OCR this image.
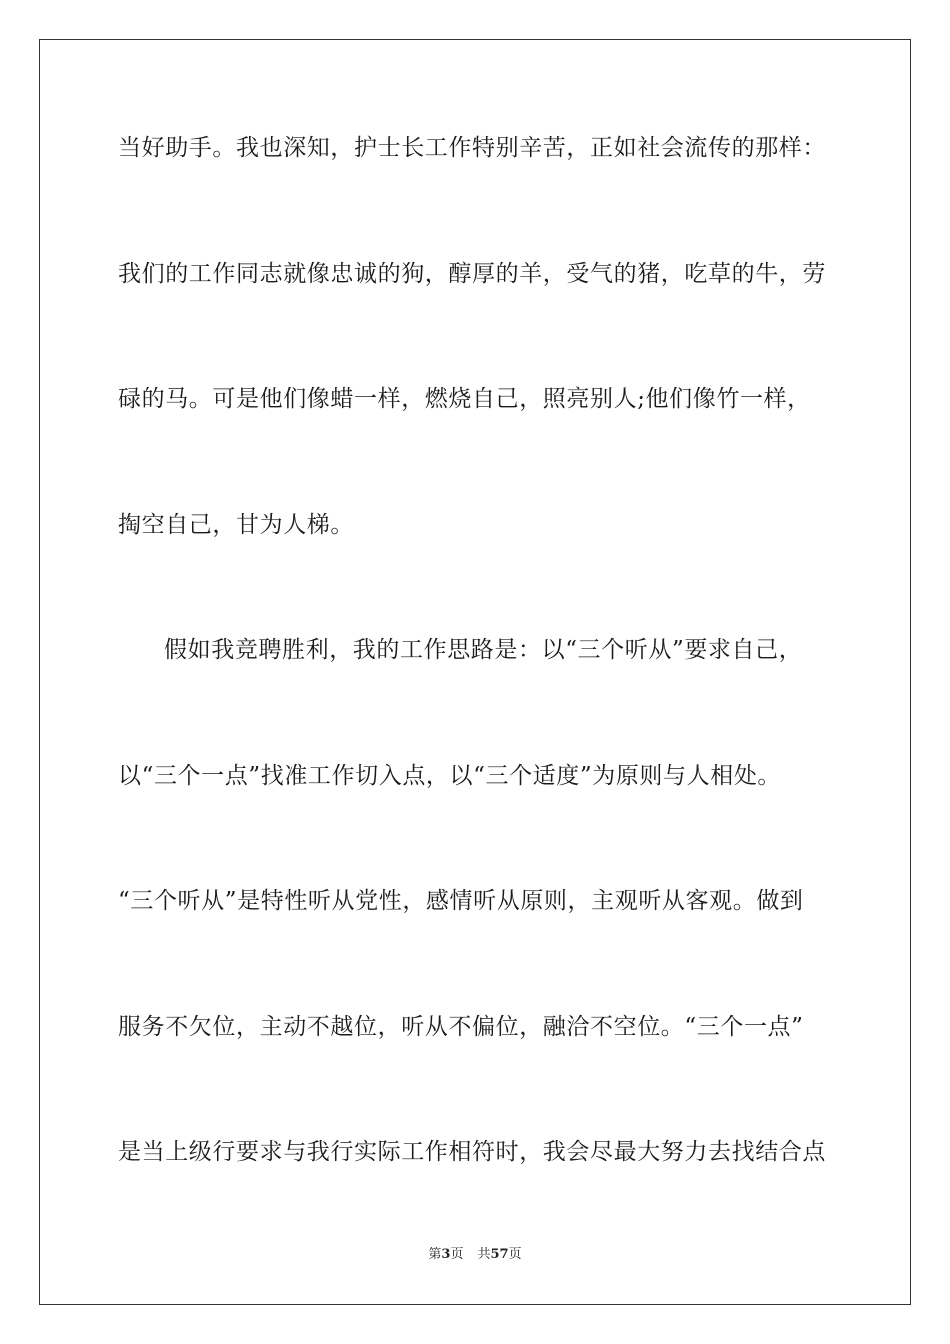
当好助手。我也深知，护士长工作特别辛苦，正如社会流传的那样：
我们的工作同志就像忠诚的狗，醇厚的羊，受气的猪，吃草的牛，劳
碌的马。可是他们像蜡一样，燃烧自己，照亮别人;他们像竹一样，
掏空自己，甘为人梯。
假如我竞聘胜利，我的工作思路是：以“三个听从”要求自己，
以“三个一点”找准工作切入点，以“三个适度”为原则与人相处。
“三个听从”是特性听从党性，感情听从原则，主观听从客观。做到
服务不欠位，主动不越位，听从不偏位，融洽不空位。“三个一点”
是当上级行要求与我行实际工作相符时，我会尽最大努力去找结合点
第3页 共57页
